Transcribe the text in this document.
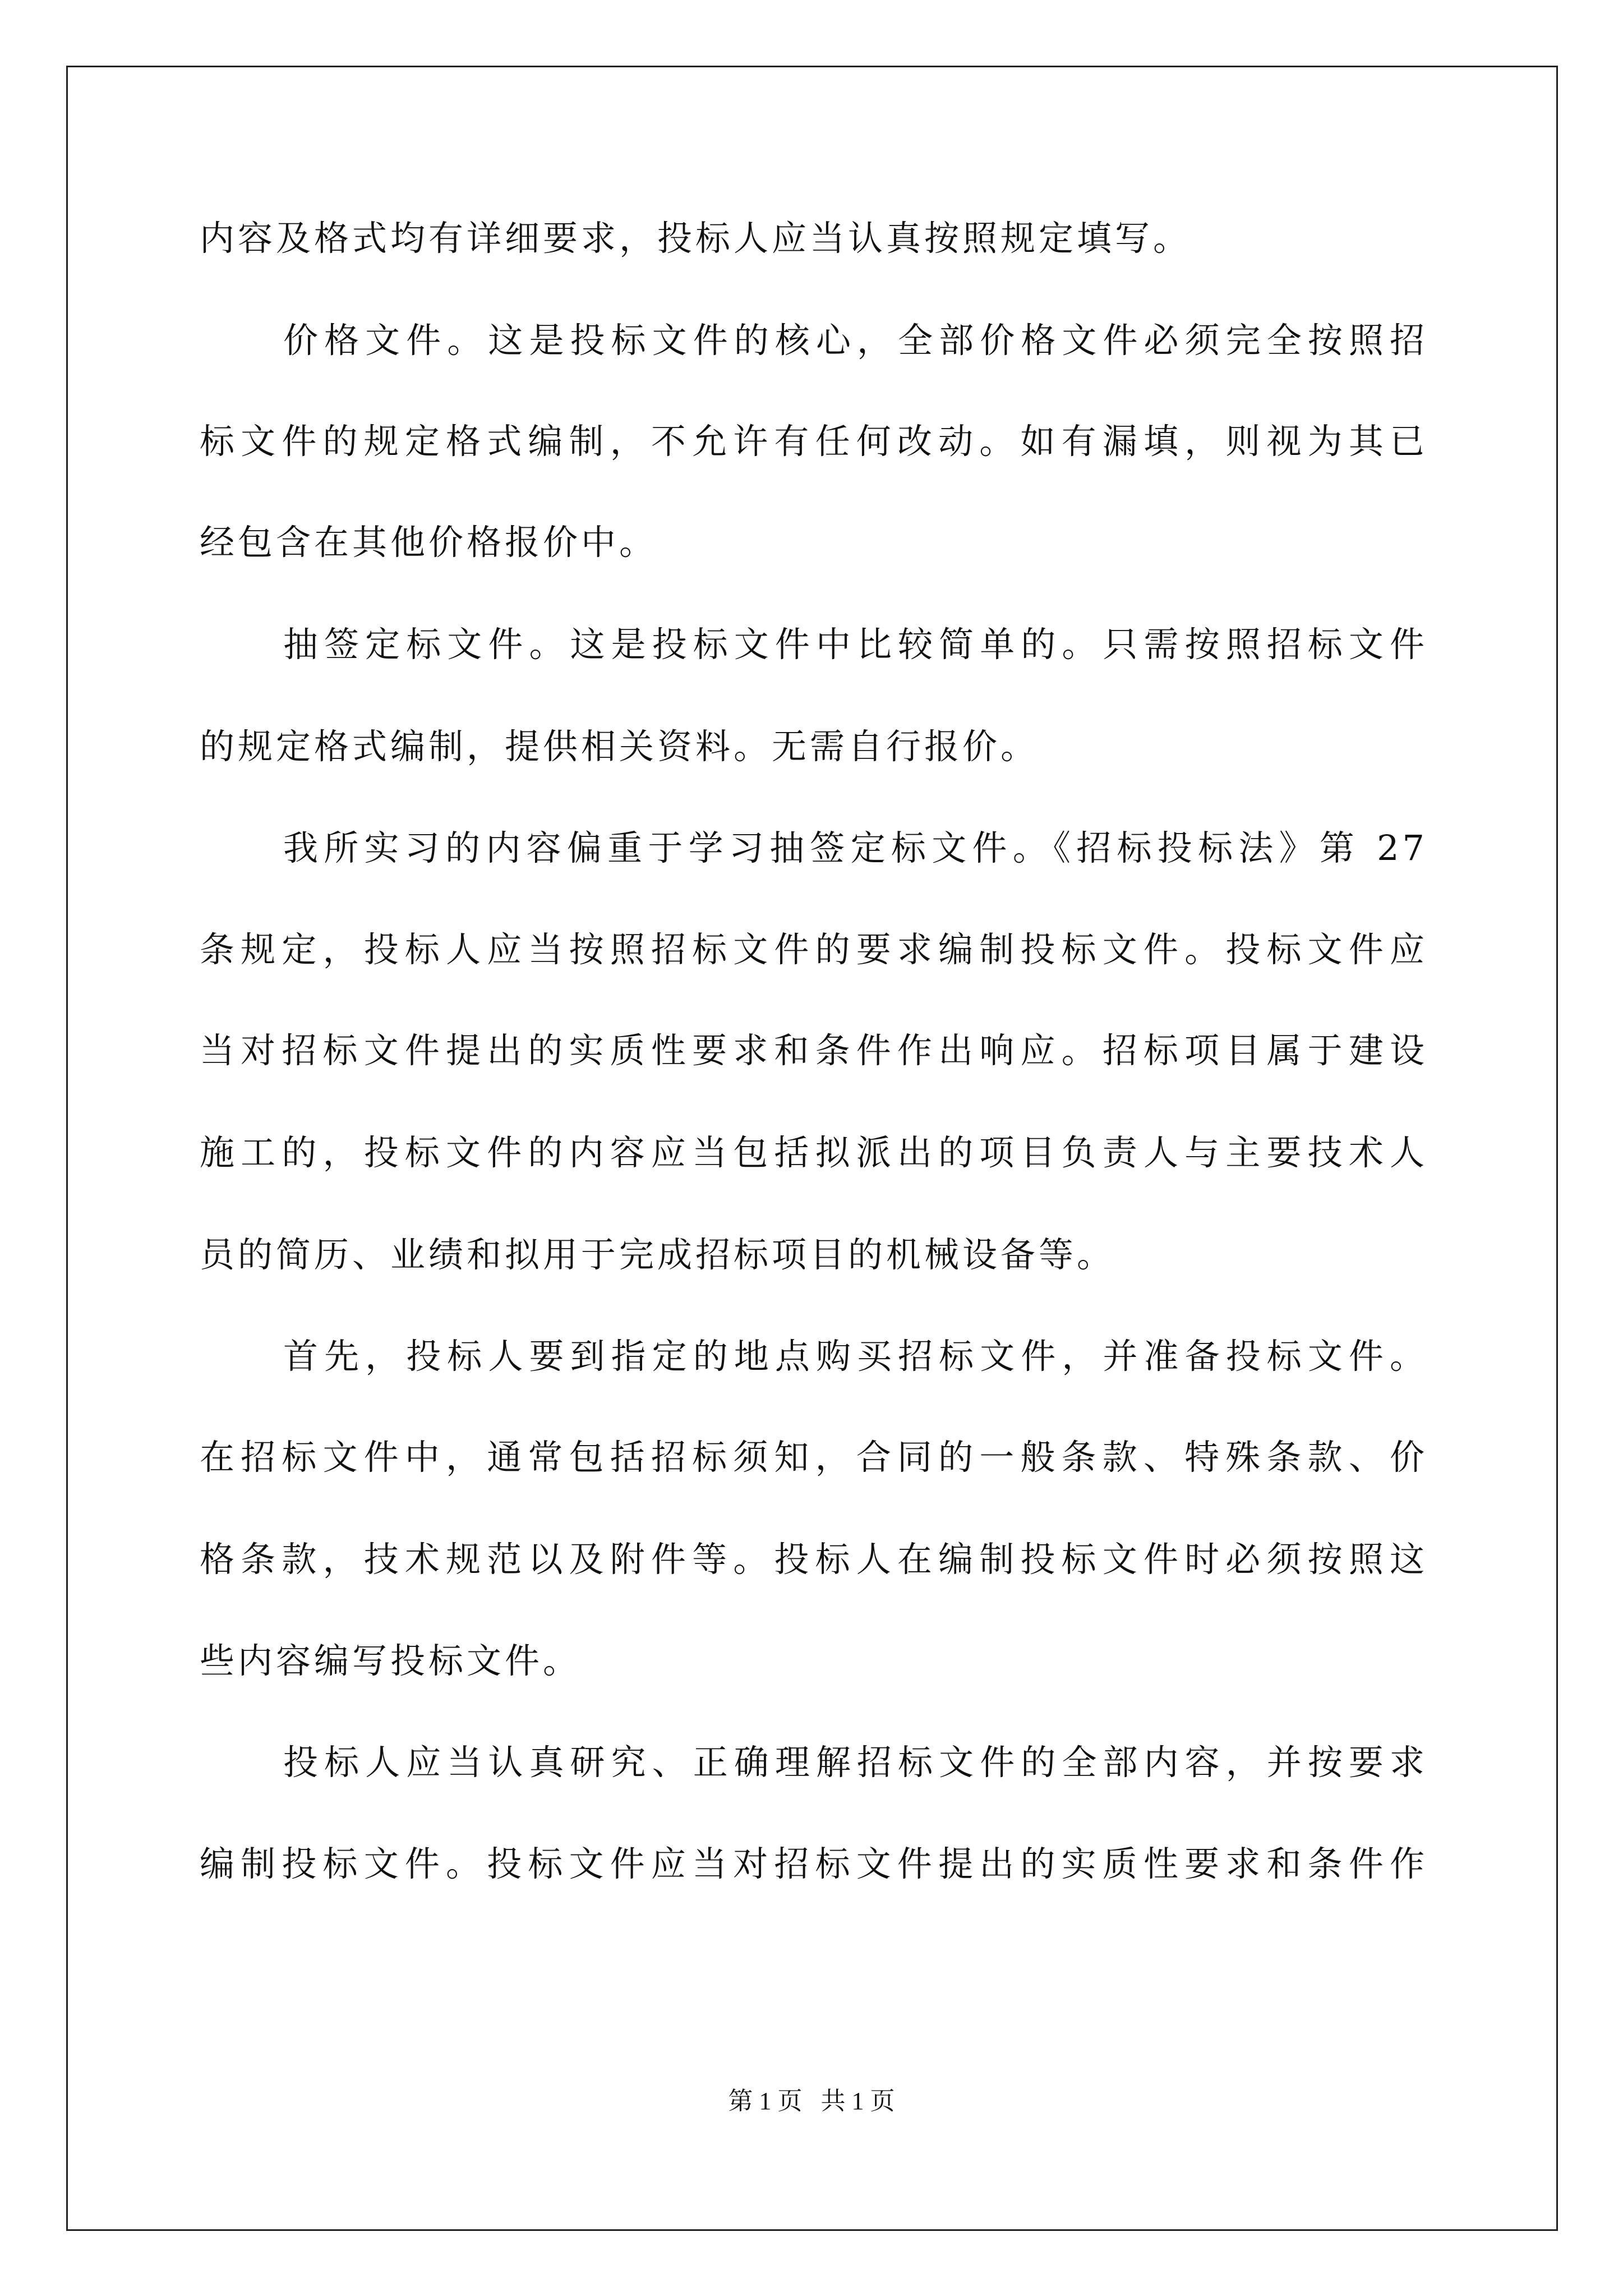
内容及格式均有详细要求，投标人应当认真按照规定填写。
价格文件。这是投标文件的核心，全部价格文件必须完全按照招
标文件的规定格式编制，不允许有任何改动。如有漏填，则视为其已
经包含在其他价格报价中。
抽签定标文件。这是投标文件中比较简单的。只需按照招标文件
的规定格式编制，提供相关资料。无需自行报价。
我所实习的内容偏重于学习抽签定标文件。《招标投标法》第 27
条规定，投标人应当按照招标文件的要求编制投标文件。投标文件应
当对招标文件提出的实质性要求和条件作出响应。招标项目属于建设
施工的，投标文件的内容应当包括拟派出的项目负责人与主要技术人
员的简历、业绩和拟用于完成招标项目的机械设备等。
首先，投标人要到指定的地点购买招标文件，并准备投标文件。
在招标文件中，通常包括招标须知，合同的一般条款、特殊条款、价
格条款，技术规范以及附件等。投标人在编制投标文件时必须按照这
些内容编写投标文件。
投标人应当认真研究、正确理解招标文件的全部内容，并按要求
编制投标文件。投标文件应当对招标文件提出的实质性要求和条件作
第 1 页 共 1 页
